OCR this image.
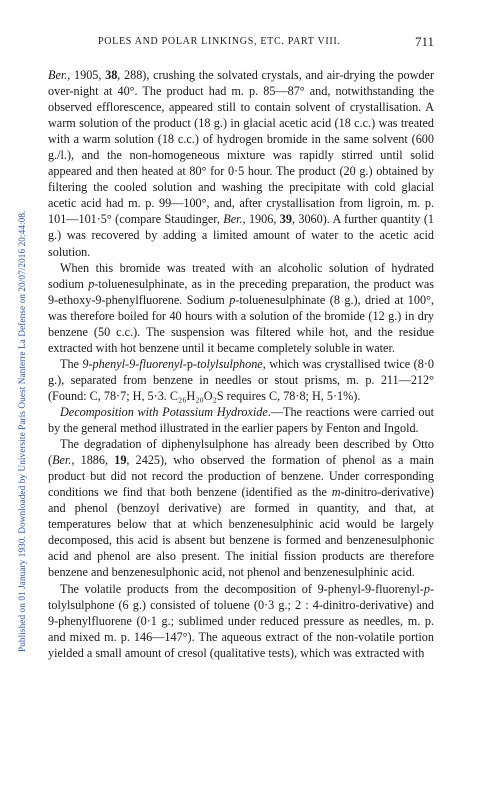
Published on 01 January 1930. Downloaded by Universite Paris Ouest Nanterre La Defense on 20/07/2016 20:44:08.
POLES AND POLAR LINKINGS, ETC. PART VIII.	711

Ber., 1905, 38, 288), crushing the solvated crystals, and air-drying the powder over-night at 40°. The product had m. p. 85—87° and, notwithstanding the observed efflorescence, appeared still to contain solvent of crystallisation. A warm solution of the product (18 g.) in glacial acetic acid (18 c.c.) was treated with a warm solution (18 c.c.) of hydrogen bromide in the same solvent (600 g./l.), and the non-homogeneous mixture was rapidly stirred until solid appeared and then heated at 80° for 0·5 hour. The product (20 g.) obtained by filtering the cooled solution and washing the precipitate with cold glacial acetic acid had m. p. 99—100°, and, after crystallisation from ligroin, m. p. 101—101·5° (compare Staudinger, Ber., 1906, 39, 3060). A further quantity (1 g.) was recovered by adding a limited amount of water to the acetic acid solution.

When this bromide was treated with an alcoholic solution of hydrated sodium p-toluenesulphinate, as in the preceding preparation, the product was 9-ethoxy-9-phenylfluorene. Sodium p-toluenesulphinate (8 g.), dried at 100°, was therefore boiled for 40 hours with a solution of the bromide (12 g.) in dry benzene (50 c.c.). The suspension was filtered while hot, and the residue extracted with hot benzene until it became completely soluble in water.

The 9-phenyl-9-fluorenyl-p-tolylsulphone, which was crystallised twice (8·0 g.), separated from benzene in needles or stout prisms, m. p. 211—212° (Found: C, 78·7; H, 5·3. C₂₆H₂₀O₂S requires C, 78·8; H, 5·1%).

Decomposition with Potassium Hydroxide.—The reactions were carried out by the general method illustrated in the earlier papers by Fenton and Ingold.

The degradation of diphenylsulphone has already been described by Otto (Ber., 1886, 19, 2425), who observed the formation of phenol as a main product but did not record the production of benzene. Under corresponding conditions we find that both benzene (identified as the m-dinitro-derivative) and phenol (benzoyl derivative) are formed in quantity, and that, at temperatures below that at which benzenesulphinic acid would be largely decomposed, this acid is absent but benzene is formed and benzenesulphonic acid and phenol are also present. The initial fission products are therefore benzene and benzenesulphonic acid, not phenol and benzenesulphinic acid.

The volatile products from the decomposition of 9-phenyl-9-fluorenyl-p-tolylsulphone (6 g.) consisted of toluene (0·3 g.; 2 : 4-dinitro-derivative) and 9-phenylfluorene (0·1 g.; sublimed under reduced pressure as needles, m. p. and mixed m. p. 146—147°). The aqueous extract of the non-volatile portion yielded a small amount of cresol (qualitative tests), which was extracted with
